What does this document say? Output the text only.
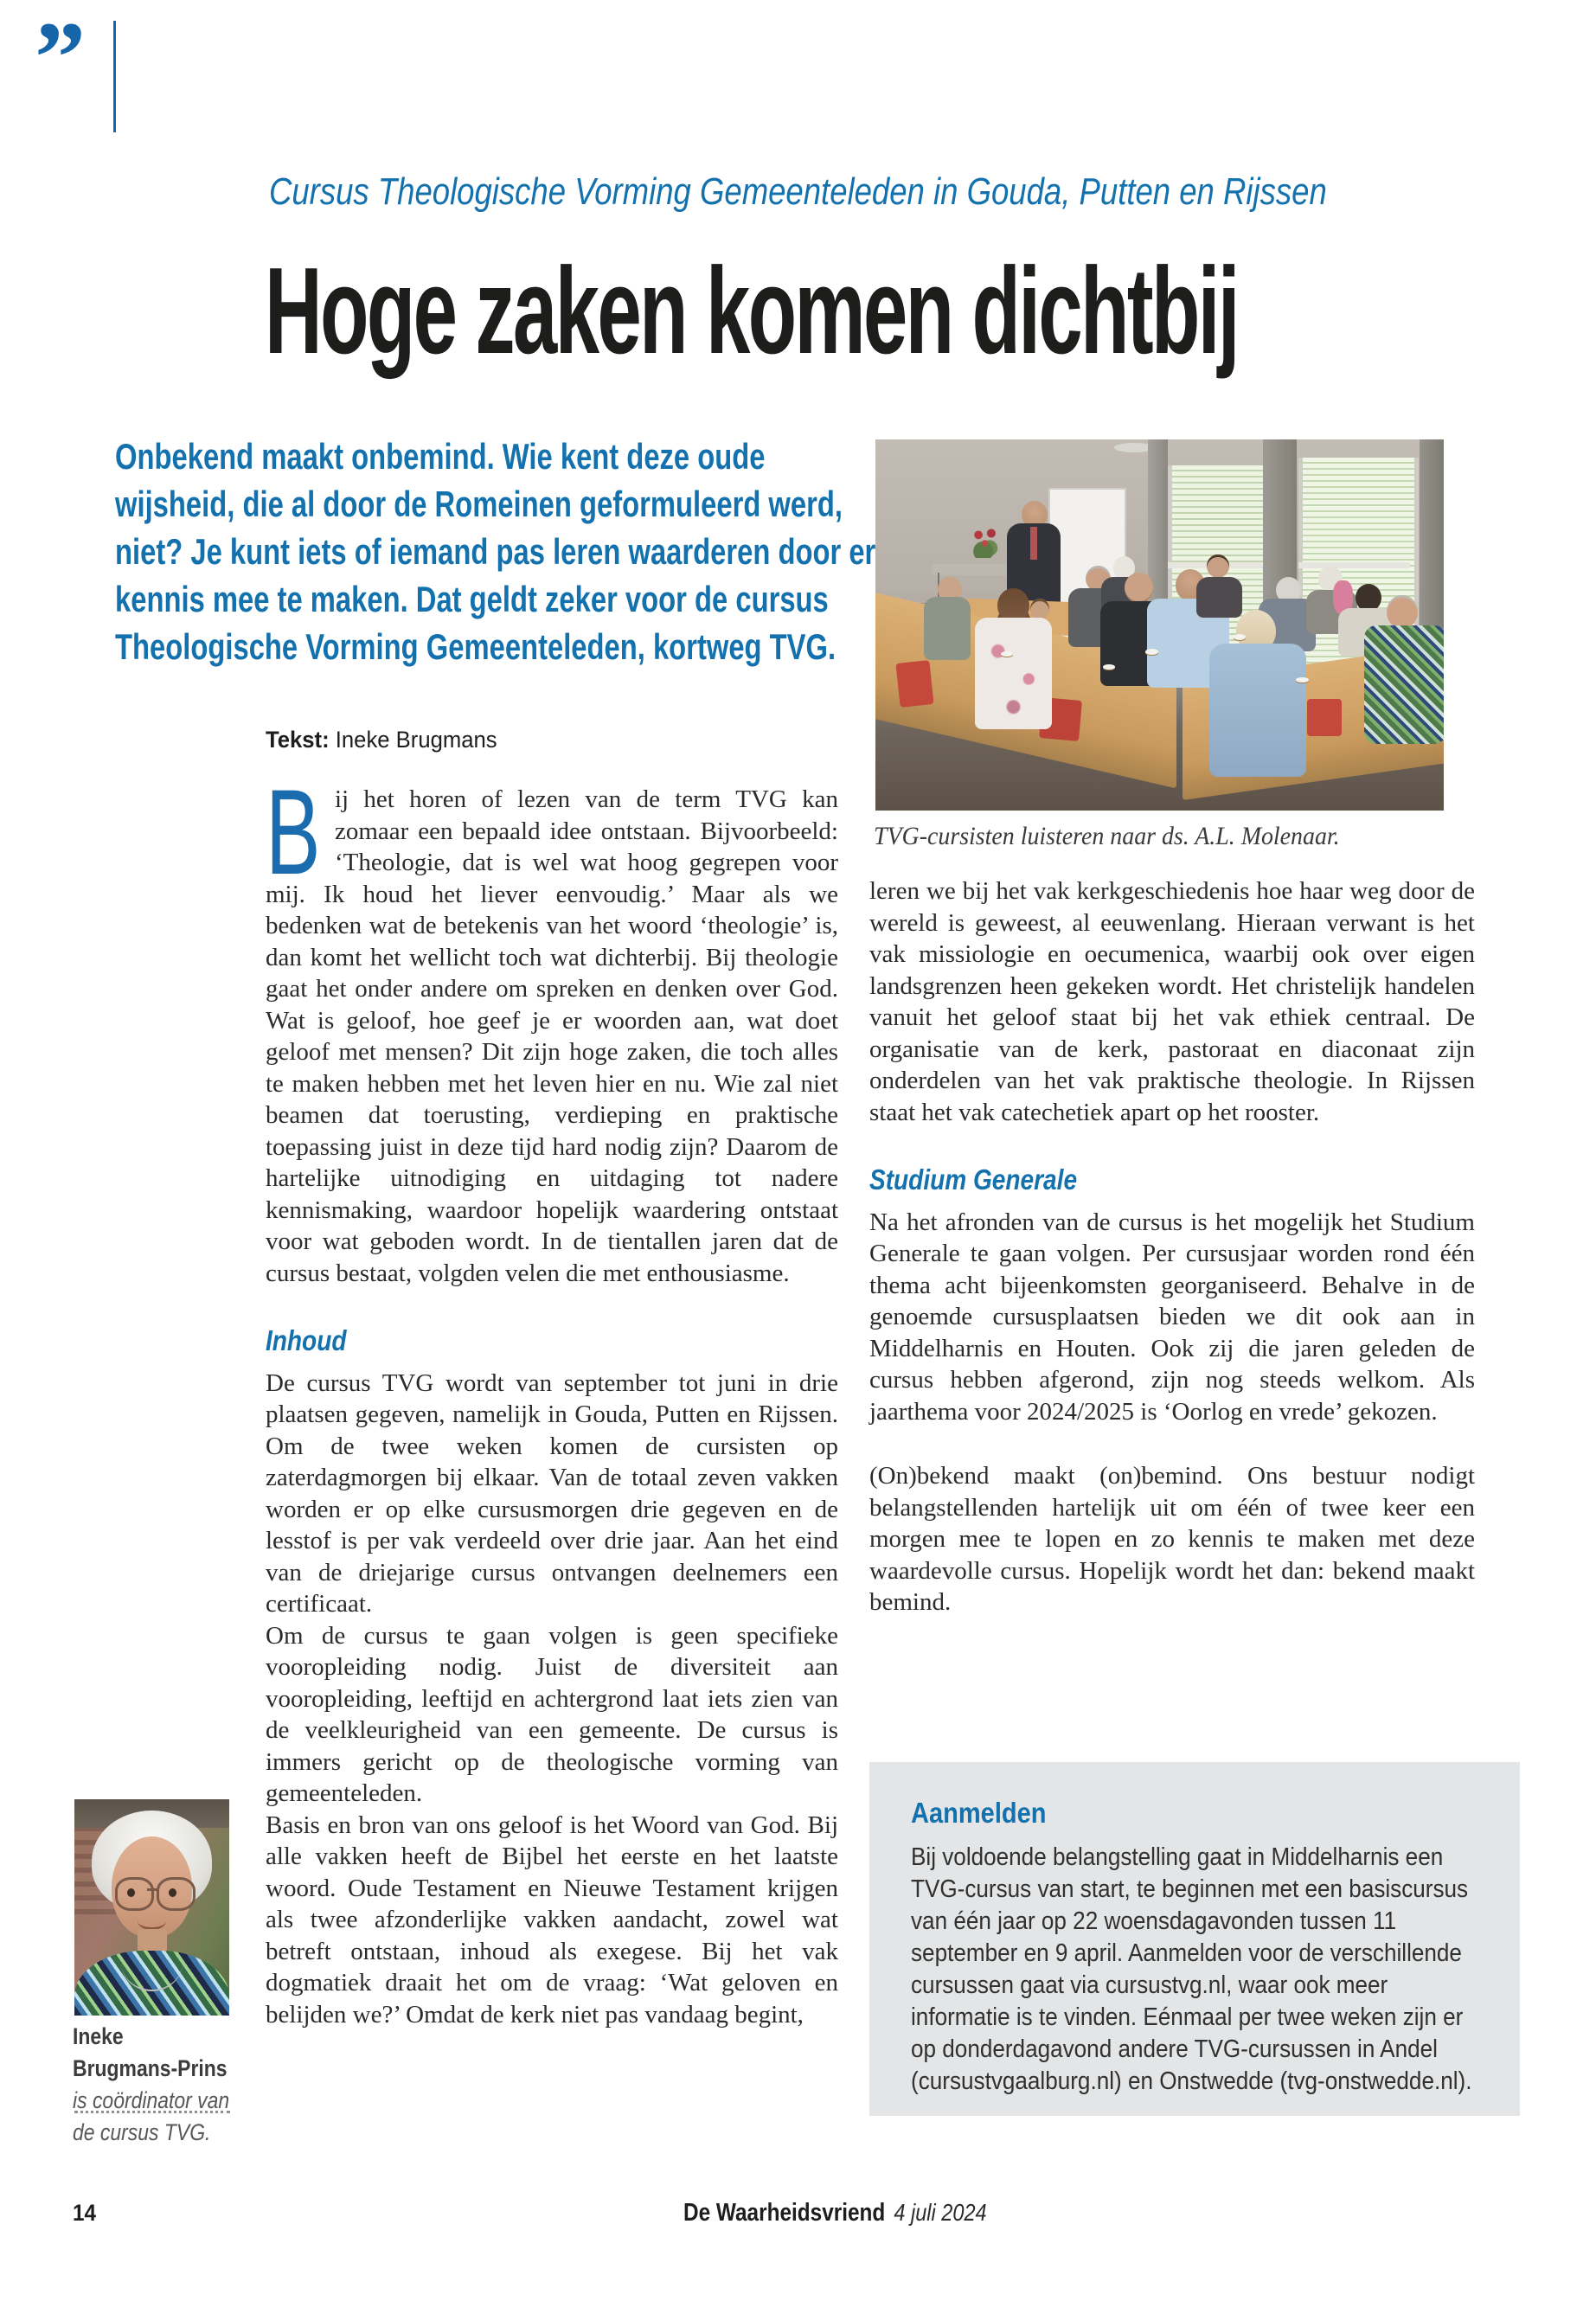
”
Cursus Theologische Vorming Gemeenteleden in Gouda, Putten en Rijssen
Hoge zaken komen dichtbij
Onbekend maakt onbemind. Wie kent deze oude wijsheid, die al door de Romeinen geformuleerd werd, niet? Je kunt iets of iemand pas leren waarderen door er kennis mee te maken. Dat geldt zeker voor de cursus Theologische Vorming Gemeenteleden, kortweg TVG.
Tekst: Ineke Brugmans
TVG-cursisten luisteren naar ds. A.L. Molenaar.

Bij het horen of lezen van de term TVG kan zomaar een bepaald idee ontstaan. Bijvoorbeeld: ‘Theologie, dat is wel wat hoog gegrepen voor mij. Ik houd het liever eenvoudig.’ Maar als we bedenken wat de betekenis van het woord ‘theologie’ is, dan komt het wellicht toch wat dichterbij. Bij theologie gaat het onder andere om spreken en denken over God. Wat is geloof, hoe geef je er woorden aan, wat doet geloof met mensen? Dit zijn hoge zaken, die toch alles te maken hebben met het leven hier en nu. Wie zal niet beamen dat toerusting, verdieping en praktische toepassing juist in deze tijd hard nodig zijn? Daarom de hartelijke uitnodiging en uitdaging tot nadere kennismaking, waardoor hopelijk waardering ontstaat voor wat geboden wordt. In de tientallen jaren dat de cursus bestaat, volgden velen die met enthousiasme.

Inhoud

De cursus TVG wordt van september tot juni in drie plaatsen gegeven, namelijk in Gouda, Putten en Rijssen. Om de twee weken komen de cursisten op zaterdagmorgen bij elkaar. Van de totaal zeven vakken worden er op elke cursusmorgen drie gegeven en de lesstof is per vak verdeeld over drie jaar. Aan het eind van de driejarige cursus ontvangen deelnemers een certificaat.

Om de cursus te gaan volgen is geen specifieke vooropleiding nodig. Juist de diversiteit aan vooropleiding, leeftijd en achtergrond laat iets zien van de veelkleurigheid van een gemeente. De cursus is immers gericht op de theologische vorming van gemeenteleden.

Basis en bron van ons geloof is het Woord van God. Bij alle vakken heeft de Bijbel het eerste en het laatste woord. Oude Testament en Nieuwe Testament krijgen als twee afzonderlijke vakken aandacht, zowel wat betreft ontstaan, inhoud als exegese. Bij het vak dogmatiek draait het om de vraag: ‘Wat geloven en belijden we?’ Omdat de kerk niet pas vandaag begint,

leren we bij het vak kerkgeschiedenis hoe haar weg door de wereld is geweest, al eeuwenlang. Hieraan verwant is het vak missiologie en oecumenica, waarbij ook over eigen landsgrenzen heen gekeken wordt. Het christelijk handelen vanuit het geloof staat bij het vak ethiek centraal. De organisatie van de kerk, pastoraat en diaconaat zijn onderdelen van het vak praktische theologie. In Rijssen staat het vak catechetiek apart op het rooster.

Studium Generale

Na het afronden van de cursus is het mogelijk het Studium Generale te gaan volgen. Per cursusjaar worden rond één thema acht bijeenkomsten georganiseerd. Behalve in de genoemde cursusplaatsen bieden we dit ook aan in Middelharnis en Houten. Ook zij die jaren geleden de cursus hebben afgerond, zijn nog steeds welkom. Als jaarthema voor 2024/2025 is ‘Oorlog en vrede’ gekozen.

(On)bekend maakt (on)bemind. Ons bestuur nodigt belangstellenden hartelijk uit om één of twee keer een morgen mee te lopen en zo kennis te maken met deze waardevolle cursus. Hopelijk wordt het dan: bekend maakt bemind.

Aanmelden
Bij voldoende belangstelling gaat in Middelharnis een TVG-cursus van start, te beginnen met een basiscursus van één jaar op 22 woensdagavonden tussen 11 september en 9 april. Aanmelden voor de verschillende cursussen gaat via cursustvg.nl, waar ook meer informatie is te vinden. Eénmaal per twee weken zijn er op donderdagavond andere TVG-cursussen in Andel (cursustvgaalburg.nl) en Onstwedde (tvg-onstwedde.nl).
Ineke Brugmans-Prins
is coördinator van de cursus TVG.
14	De Waarheidsvriend 4 juli 2024
